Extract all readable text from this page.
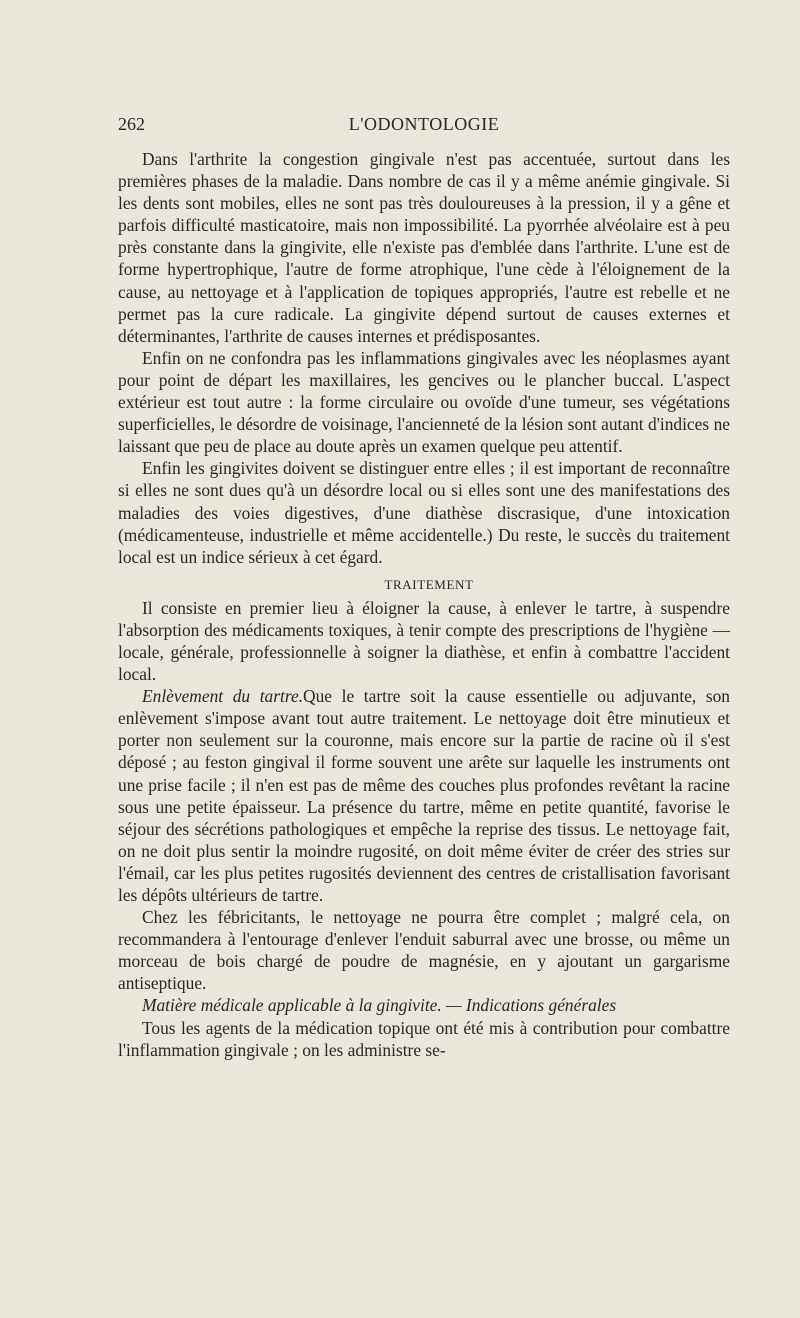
262	L'ODONTOLOGIE

Dans l'arthrite la congestion gingivale n'est pas accentuée, surtout dans les premières phases de la maladie. Dans nombre de cas il y a même anémie gingivale. Si les dents sont mobiles, elles ne sont pas très douloureuses à la pression, il y a gêne et parfois difficulté masticatoire, mais non impossibilité. La pyorrhée alvéolaire est à peu près constante dans la gingivite, elle n'existe pas d'emblée dans l'arthrite. L'une est de forme hypertrophique, l'autre de forme atrophique, l'une cède à l'éloignement de la cause, au nettoyage et à l'application de topiques appropriés, l'autre est rebelle et ne permet pas la cure radicale. La gingivite dépend surtout de causes externes et déterminantes, l'arthrite de causes internes et prédisposantes.

Enfin on ne confondra pas les inflammations gingivales avec les néoplasmes ayant pour point de départ les maxillaires, les gencives ou le plancher buccal. L'aspect extérieur est tout autre : la forme circulaire ou ovoïde d'une tumeur, ses végétations superficielles, le désordre de voisinage, l'ancienneté de la lésion sont autant d'indices ne laissant que peu de place au doute après un examen quelque peu attentif.

Enfin les gingivites doivent se distinguer entre elles ; il est important de reconnaître si elles ne sont dues qu'à un désordre local ou si elles sont une des manifestations des maladies des voies digestives, d'une diathèse discrasique, d'une intoxication (médicamenteuse, industrielle et même accidentelle.) Du reste, le succès du traitement local est un indice sérieux à cet égard.

TRAITEMENT

Il consiste en premier lieu à éloigner la cause, à enlever le tartre, à suspendre l'absorption des médicaments toxiques, à tenir compte des prescriptions de l'hygiène — locale, générale, professionnelle à soigner la diathèse, et enfin à combattre l'accident local.

Enlèvement du tartre.Que le tartre soit la cause essentielle ou adjuvante, son enlèvement s'impose avant tout autre traitement. Le nettoyage doit être minutieux et porter non seulement sur la couronne, mais encore sur la partie de racine où il s'est déposé ; au feston gingival il forme souvent une arête sur laquelle les instruments ont une prise facile ; il n'en est pas de même des couches plus profondes revêtant la racine sous une petite épaisseur. La présence du tartre, même en petite quantité, favorise le séjour des sécrétions pathologiques et empêche la reprise des tissus. Le nettoyage fait, on ne doit plus sentir la moindre rugosité, on doit même éviter de créer des stries sur l'émail, car les plus petites rugosités deviennent des centres de cristallisation favorisant les dépôts ultérieurs de tartre.

Chez les fébricitants, le nettoyage ne pourra être complet ; malgré cela, on recommandera à l'entourage d'enlever l'enduit saburral avec une brosse, ou même un morceau de bois chargé de poudre de magnésie, en y ajoutant un gargarisme antiseptique.

Matière médicale applicable à la gingivite. — Indications générales

Tous les agents de la médication topique ont été mis à contribution pour combattre l'inflammation gingivale ; on les administre se-
